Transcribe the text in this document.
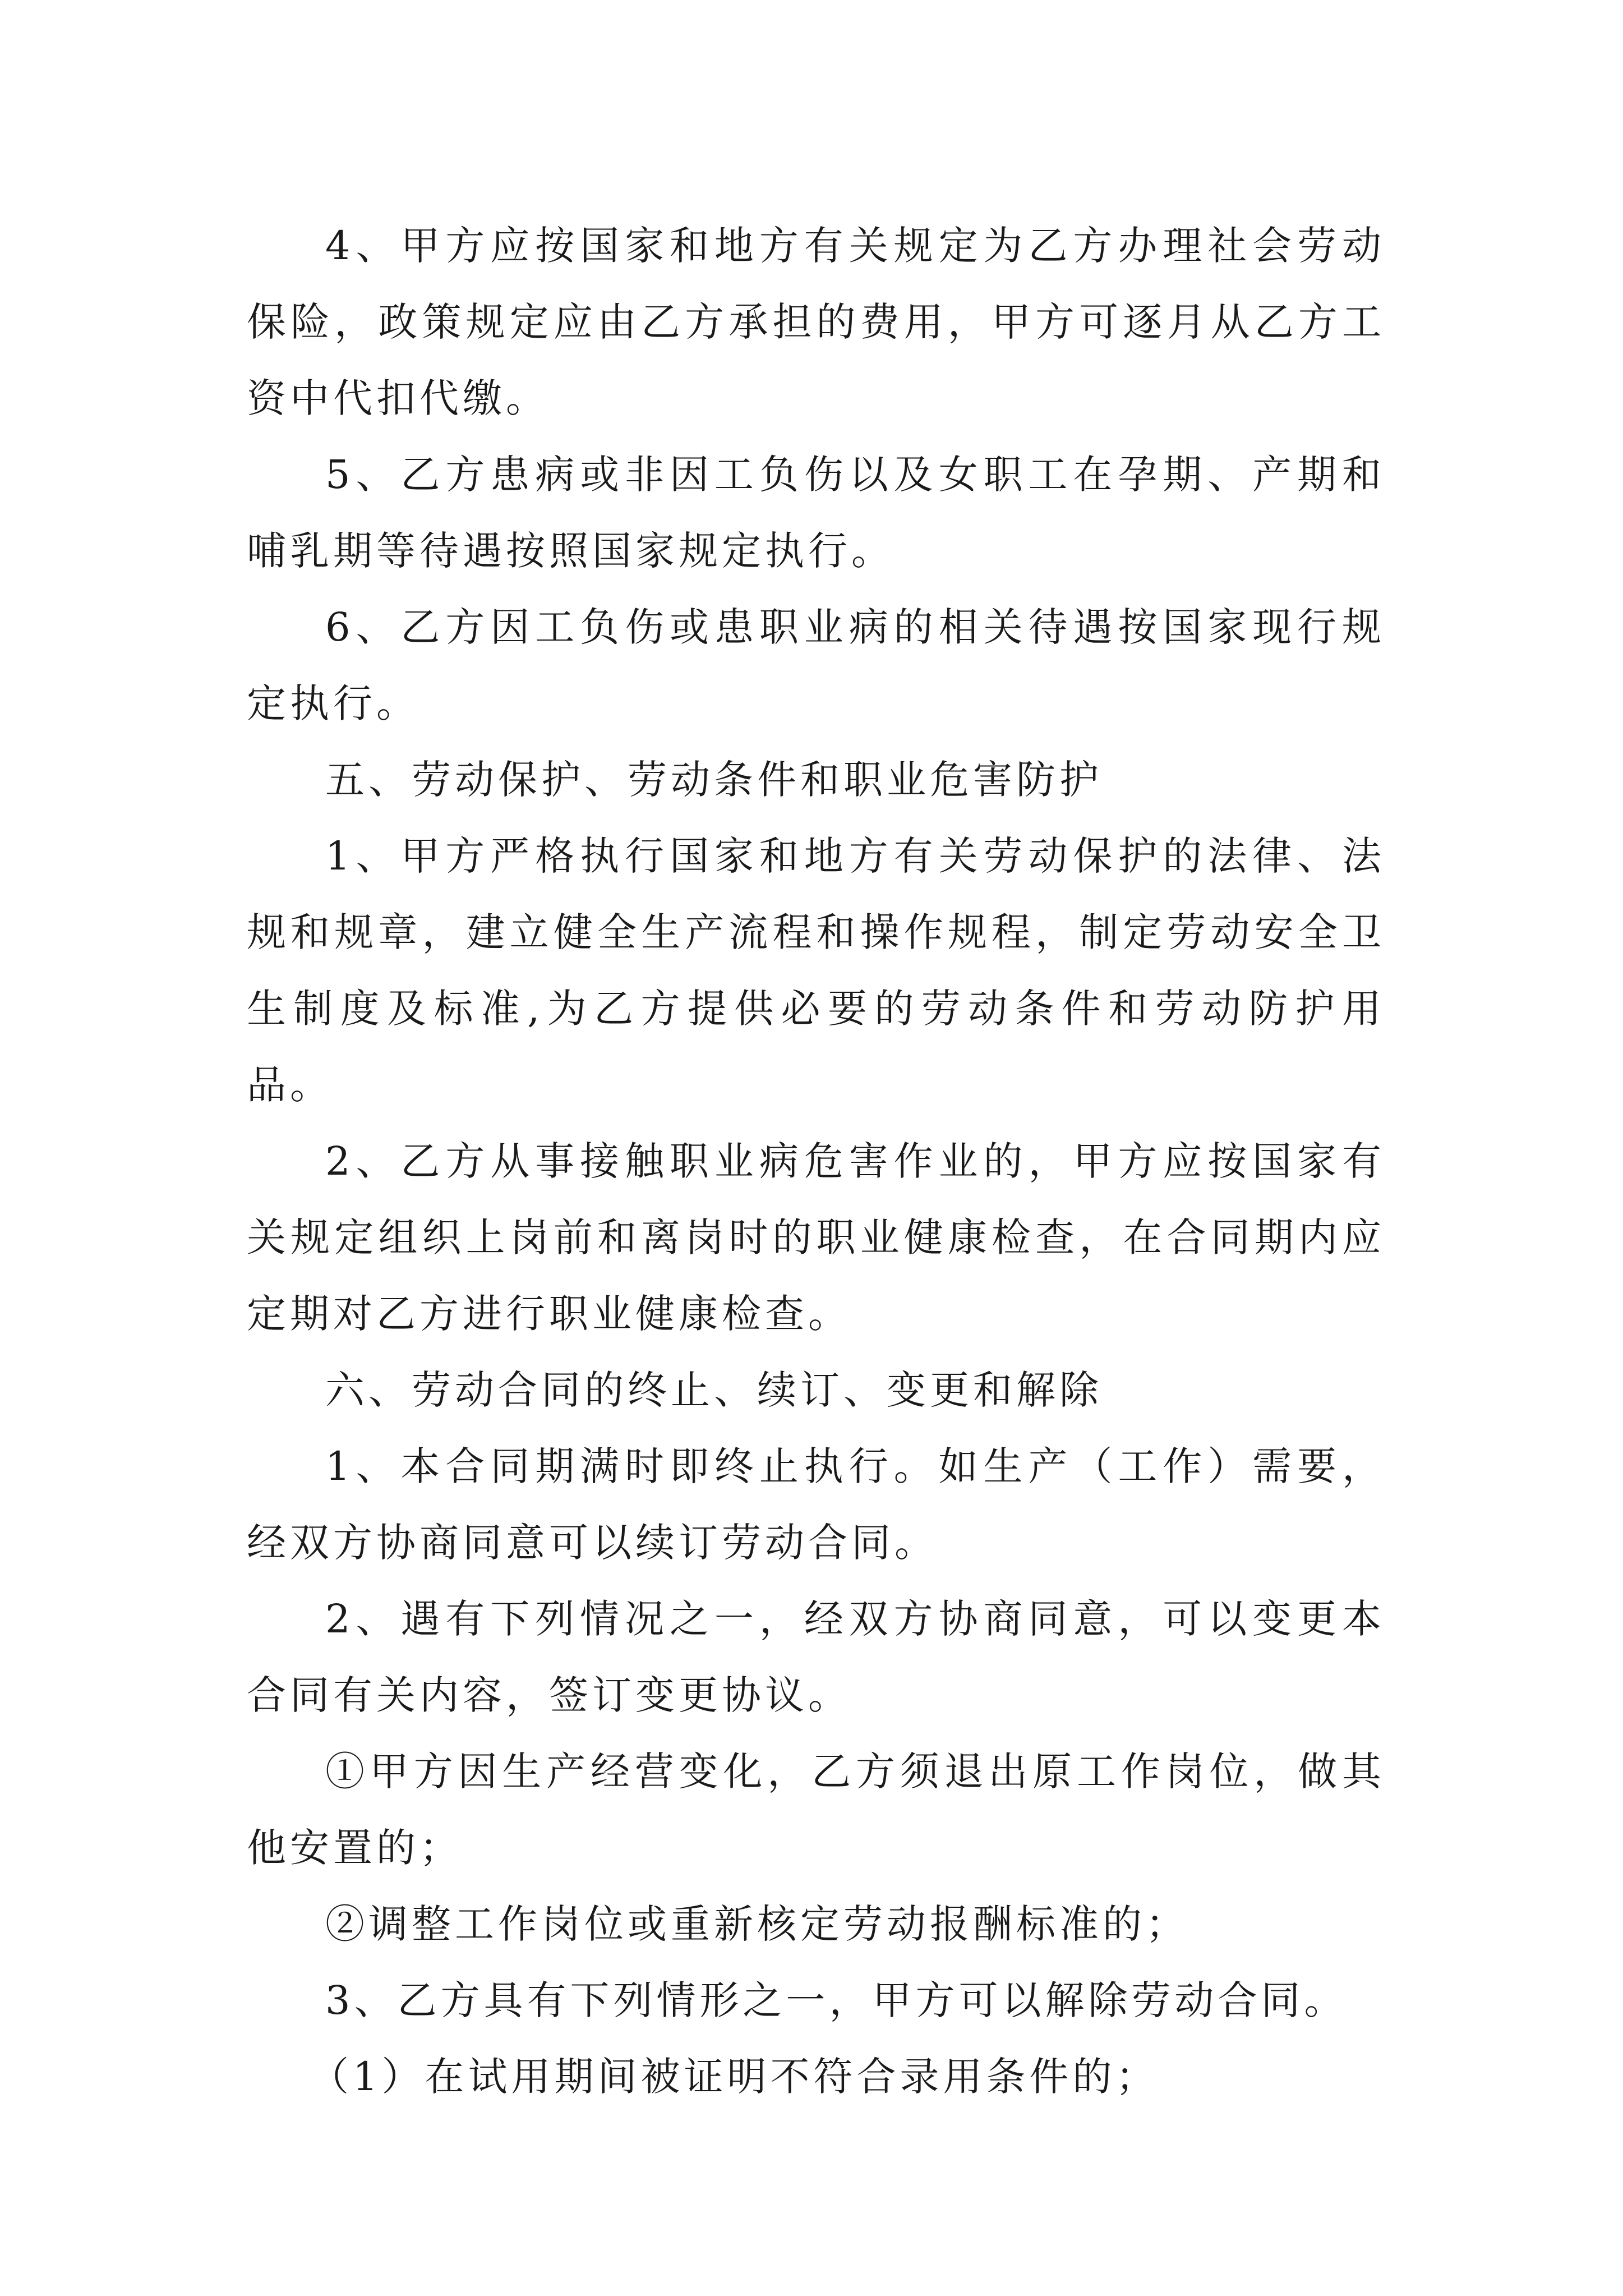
4、甲方应按国家和地方有关规定为乙方办理社会劳动保险，政策规定应由乙方承担的费用，甲方可逐月从乙方工资中代扣代缴。

5、乙方患病或非因工负伤以及女职工在孕期、产期和哺乳期等待遇按照国家规定执行。

6、乙方因工负伤或患职业病的相关待遇按国家现行规定执行。

五、劳动保护、劳动条件和职业危害防护

1、甲方严格执行国家和地方有关劳动保护的法律、法规和规章，建立健全生产流程和操作规程，制定劳动安全卫生制度及标准,为乙方提供必要的劳动条件和劳动防护用品。

2、乙方从事接触职业病危害作业的，甲方应按国家有关规定组织上岗前和离岗时的职业健康检查，在合同期内应定期对乙方进行职业健康检查。

六、劳动合同的终止、续订、变更和解除

1、本合同期满时即终止执行。如生产（工作）需要，经双方协商同意可以续订劳动合同。

2、遇有下列情况之一，经双方协商同意，可以变更本合同有关内容，签订变更协议。

①甲方因生产经营变化，乙方须退出原工作岗位，做其他安置的；

②调整工作岗位或重新核定劳动报酬标准的；

3、乙方具有下列情形之一，甲方可以解除劳动合同。

（1）在试用期间被证明不符合录用条件的；
